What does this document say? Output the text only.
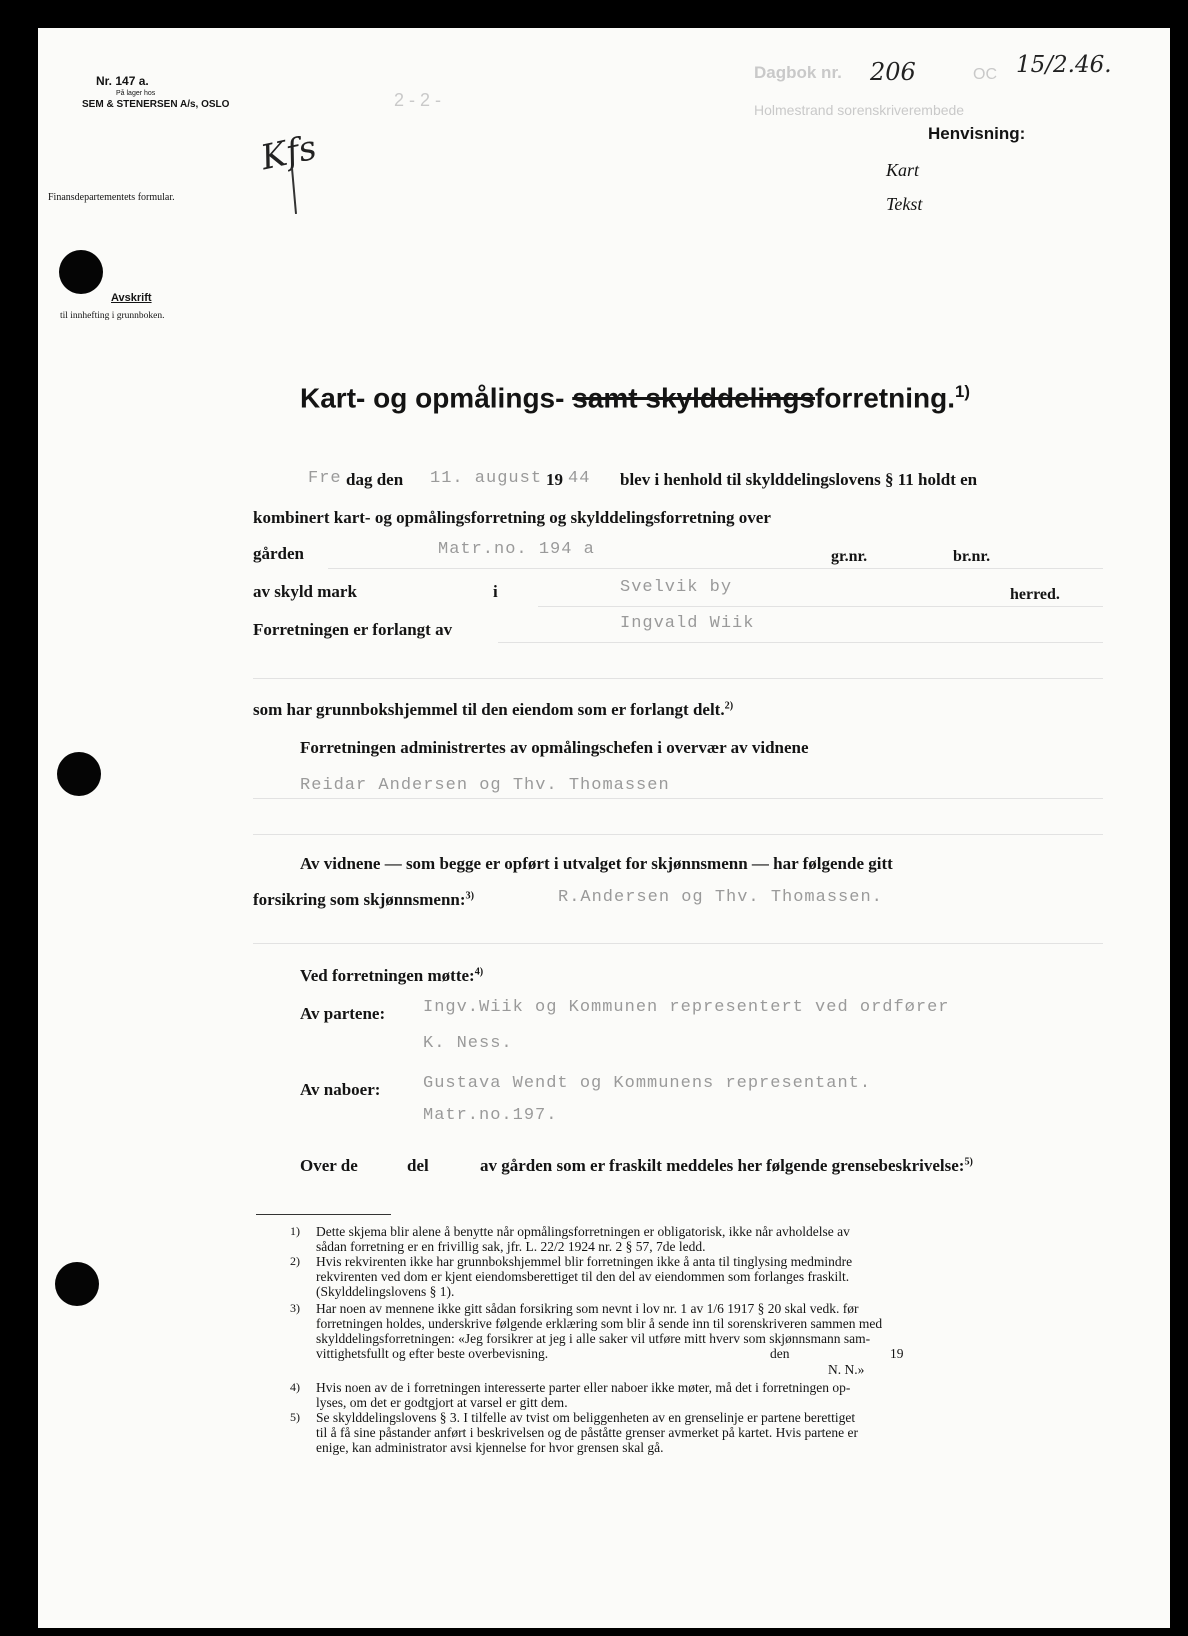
Nr. 147 a.
På lager hos
SEM & STENERSEN A/s, OSLO
Finansdepartementets formular.
Avskrift
til innhefting i grunnboken.
2 - 2 -
Dagbok nr. 206	OC 15/2.46.
Holmestrand sorenskriverembede
Kfs	Henvisning:
Kart
Tekst
Kart- og opmålings- samt skylddelingsforretning.$^{1)}$
Fre dag den 11. august 19 44 blev i henhold til skylddelingslovens § 11 holdt en
kombinert kart- og opmålingsforretning og skylddelingsforretning over
gården	Matr.no. 194 a	gr.nr.	br.nr.
av skyld mark	i	Svelvik by	herred.
Forretningen er forlangt av	Ingvald Wiik
som har grunnbokshjemmel til den eiendom som er forlangt delt.$^{2)}$
Forretningen administrertes av opmålingschefen i overvær av vidnene
Reidar Andersen og Thv. Thomassen
Av vidnene — som begge er opført i utvalget for skjønnsmenn — har følgende gitt
forsikring som skjønnsmenn:$^{3)}$	R.Andersen og Thv. Thomassen.
Ved forretningen møtte:$^{4)}$
Av partene: Ingv.Wiik og Kommunen representert ved ordfører
K. Ness.
Av naboer:	Gustava Wendt og Kommunens representant.
Matr.no.197.
Over de	del	av gården som er fraskilt meddeles her følgende grensebeskrivelse:$^{5)}$
1) Dette skjema blir alene å benytte når opmålingsforretningen er obligatorisk, ikke når avholdelse av
sådan forretning er en frivillig sak, jfr. L. 22/2 1924 nr. 2 § 57, 7de ledd.
2) Hvis rekvirenten ikke har grunnbokshjemmel blir forretningen ikke å anta til tinglysing medmindre
rekvirenten ved dom er kjent eiendomsberettiget til den del av eiendommen som forlanges fraskilt.
(Skylddelingslovens § 1).
3) Har noen av mennene ikke gitt sådan forsikring som nevnt i lov nr. 1 av 1/6 1917 § 20 skal vedk. før
forretningen holdes, underskrive følgende erklæring som blir å sende inn til sorenskriveren sammen med
skylddelingsforretningen: «Jeg forsikrer at jeg i alle saker vil utføre mitt hverv som skjønnsmann sam-
vittighetsfullt og efter beste overbevisning.	den	19
N. N.»
4) Hvis noen av de i forretningen interesserte parter eller naboer ikke møter, må det i forretningen op-
lyses, om det er godtgjort at varsel er gitt dem.
5) Se skylddelingslovens § 3. I tilfelle av tvist om beliggenheten av en grenselinje er partene berettiget
til å få sine påstander anført i beskrivelsen og de påståtte grenser avmerket på kartet. Hvis partene er
enige, kan administrator avsi kjennelse for hvor grensen skal gå.
